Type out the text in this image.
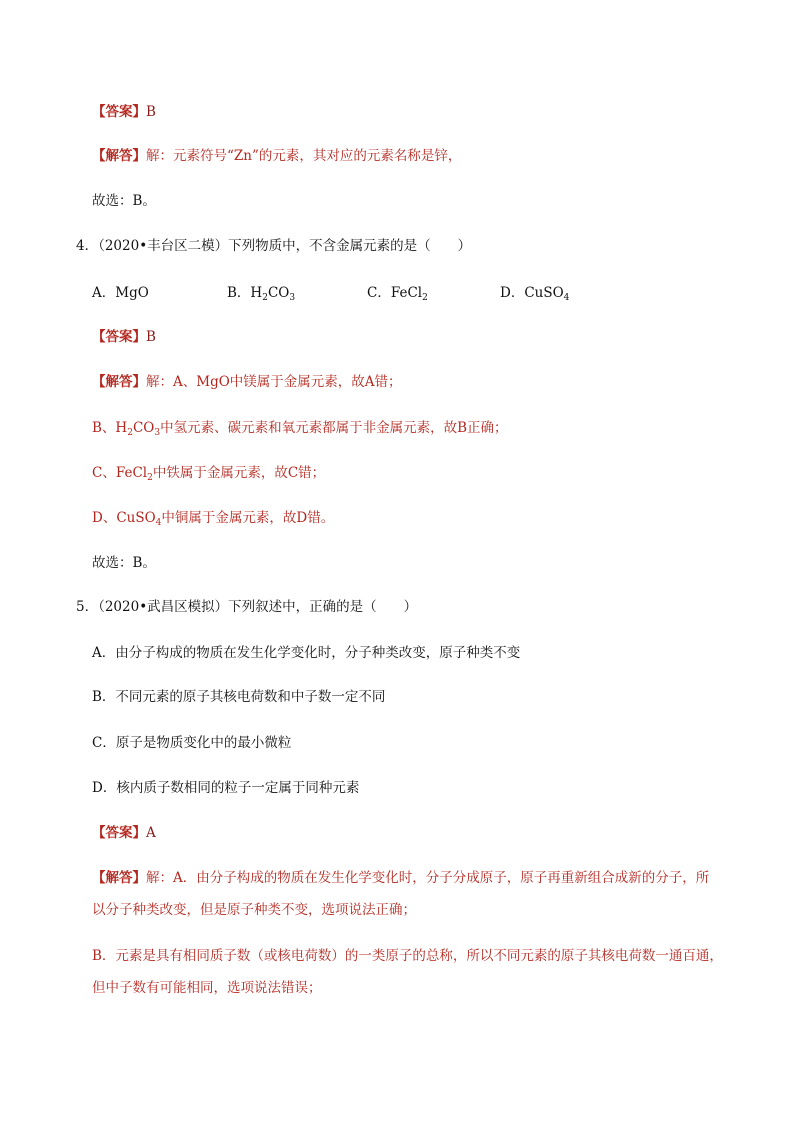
【答案】B
【解答】解：元素符号“Zn”的元素，其对应的元素名称是锌，
故选：B。
4．（2020•丰台区二模）下列物质中，不含金属元素的是（　　）
A．MgO	B．$H_2CO_3$	C．FeCl$_2$	D．CuSO$_4$
【答案】B
【解答】解：A、MgO中镁属于金属元素，故A错；
B、$H_2CO_3$中氢元素、碳元素和氧元素都属于非金属元素，故B正确；
C、FeCl$_2$中铁属于金属元素，故C错；
D、CuSO$_4$中铜属于金属元素，故D错。
故选：B。
5．（2020•武昌区模拟）下列叙述中，正确的是（　　）
A．由分子构成的物质在发生化学变化时，分子种类改变，原子种类不变
B．不同元素的原子其核电荷数和中子数一定不同
C．原子是物质变化中的最小微粒
D．核内质子数相同的粒子一定属于同种元素
【答案】A
【解答】解：A．由分子构成的物质在发生化学变化时，分子分成原子，原子再重新组合成新的分子，所
以分子种类改变，但是原子种类不变，选项说法正确；
B．元素是具有相同质子数（或核电荷数）的一类原子的总称，所以不同元素的原子其核电荷数一通百通，
但中子数有可能相同，选项说法错误；
